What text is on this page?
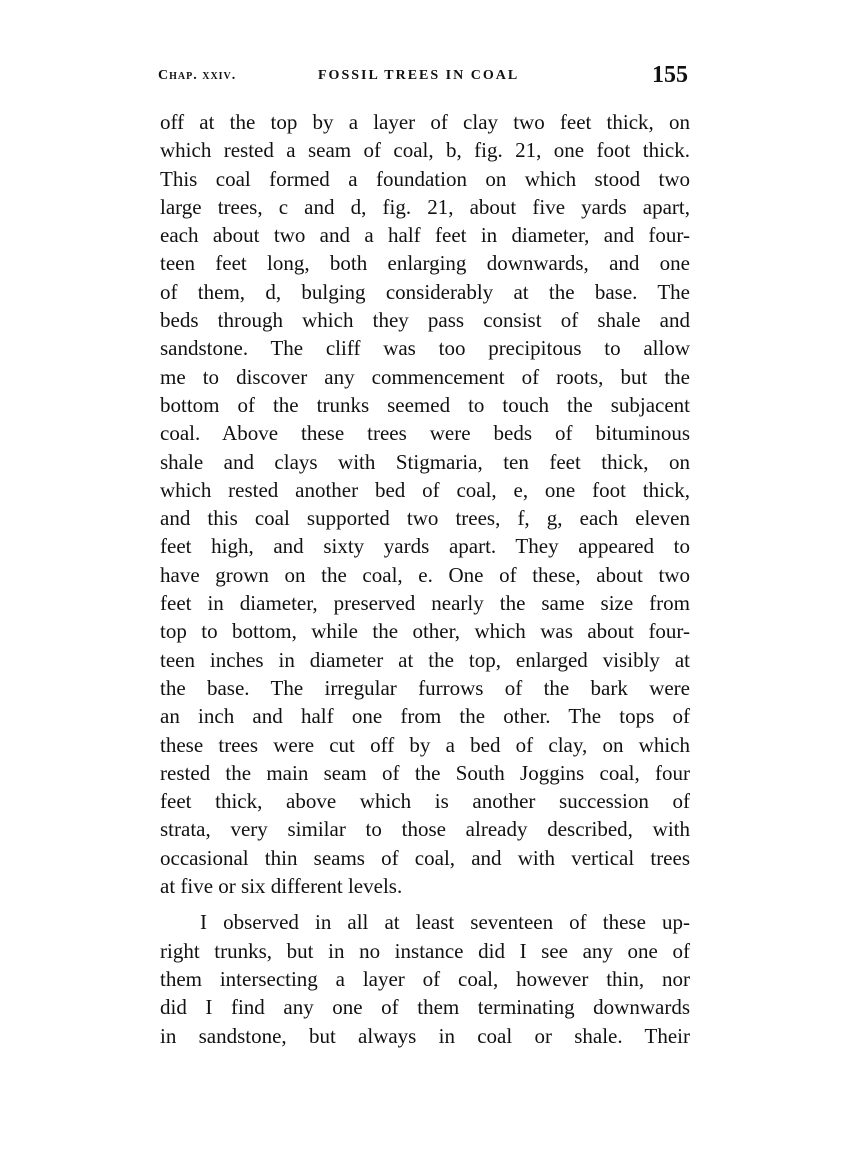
Chap. xxiv.	FOSSIL TREES IN COAL	155
off at the top by a layer of clay two feet thick, on
which rested a seam of coal, b, fig. 21, one foot thick.
This coal formed a foundation on which stood two
large trees, c and d, fig. 21, about five yards apart,
each about two and a half feet in diameter, and four-
teen feet long, both enlarging downwards, and one
of them, d, bulging considerably at the base. The
beds through which they pass consist of shale and
sandstone. The cliff was too precipitous to allow
me to discover any commencement of roots, but the
bottom of the trunks seemed to touch the subjacent
coal. Above these trees were beds of bituminous
shale and clays with Stigmaria, ten feet thick, on
which rested another bed of coal, e, one foot thick,
and this coal supported two trees, f, g, each eleven
feet high, and sixty yards apart. They appeared to
have grown on the coal, e. One of these, about two
feet in diameter, preserved nearly the same size from
top to bottom, while the other, which was about four-
teen inches in diameter at the top, enlarged visibly at
the base. The irregular furrows of the bark were
an inch and half one from the other. The tops of
these trees were cut off by a bed of clay, on which
rested the main seam of the South Joggins coal, four
feet thick, above which is another succession of
strata, very similar to those already described, with
occasional thin seams of coal, and with vertical trees
at five or six different levels.
I observed in all at least seventeen of these up-
right trunks, but in no instance did I see any one of
them intersecting a layer of coal, however thin, nor
did I find any one of them terminating downwards
in sandstone, but always in coal or shale. Their
